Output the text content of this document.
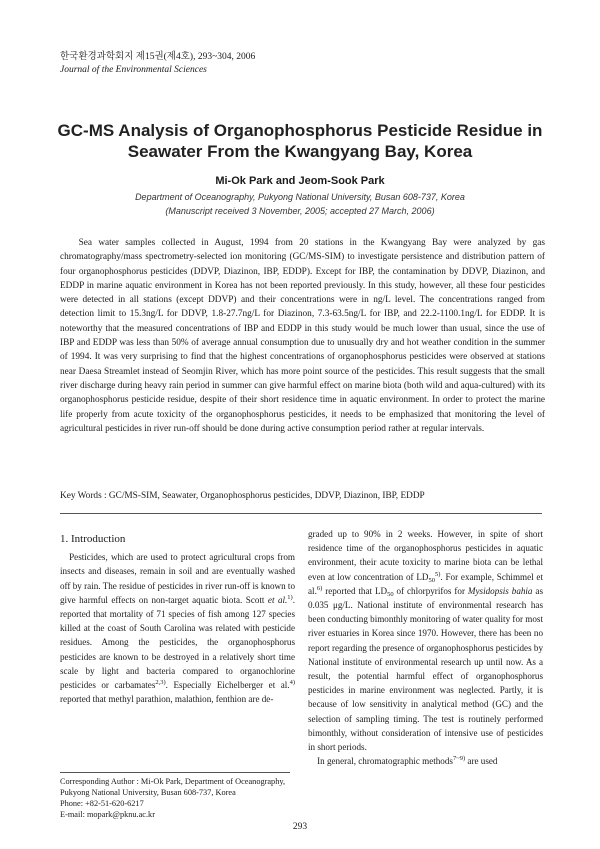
한국환경과학회지 제15권(제4호), 293~304, 2006
Journal of the Environmental Sciences
GC-MS Analysis of Organophosphorus Pesticide Residue in Seawater From the Kwangyang Bay, Korea
Mi-Ok Park and Jeom-Sook Park
Department of Oceanography, Pukyong National University, Busan 608-737, Korea
(Manuscript received 3 November, 2005; accepted 27 March, 2006)

Sea water samples collected in August, 1994 from 20 stations in the Kwangyang Bay were analyzed by gas chromatography/mass spectrometry-selected ion monitoring (GC/MS-SIM) to investigate persistence and distribution pattern of four organophosphorus pesticides (DDVP, Diazinon, IBP, EDDP). Except for IBP, the contamination by DDVP, Diazinon, and EDDP in marine aquatic environment in Korea has not been reported previously. In this study, however, all these four pesticides were detected in all stations (except DDVP) and their concentrations were in ng/L level. The concentrations ranged from detection limit to 15.3ng/L for DDVP, 1.8-27.7ng/L for Diazinon, 7.3-63.5ng/L for IBP, and 22.2-1100.1ng/L for EDDP. It is noteworthy that the measured concentrations of IBP and EDDP in this study would be much lower than usual, since the use of IBP and EDDP was less than 50% of average annual consumption due to unusually dry and hot weather condition in the summer of 1994. It was very surprising to find that the highest concentrations of organophosphorus pesticides were observed at stations near Daesa Streamlet instead of Seomjin River, which has more point source of the pesticides. This result suggests that the small river discharge during heavy rain period in summer can give harmful effect on marine biota (both wild and aqua-cultured) with its organophosphorus pesticide residue, despite of their short residence time in aquatic environment. In order to protect the marine life properly from acute toxicity of the organophosphorus pesticides, it needs to be emphasized that monitoring the level of agricultural pesticides in river run-off should be done during active consumption period rather at regular intervals.

Key Words : GC/MS-SIM, Seawater, Organophosphorus pesticides, DDVP, Diazinon, IBP, EDDP
1. Introduction

Pesticides, which are used to protect agricultural crops from insects and diseases, remain in soil and are eventually washed off by rain. The residue of pesticides in river run-off is known to give harmful effects on non-target aquatic biota. Scott et al.$^{1)}$. reported that mortality of 71 species of fish among 127 species killed at the coast of South Carolina was related with pesticide residues. Among the pesticides, the organophosphorus pesticides are known to be destroyed in a relatively short time scale by light and bacteria compared to organochlorine pesticides or carbamates$^{2,3)}$. Especially Eichelberger et al.$^{4)}$ reported that methyl parathion, malathion, fenthion are de-

graded up to 90% in 2 weeks. However, in spite of short residence time of the organophosphorus pesticides in aquatic environment, their acute toxicity to marine biota can be lethal even at low concentration of $LD_{50}^{5)}$. For example, Schimmel et al.$^{6)}$ reported that $LD_{50}$ of chlorpyrifos for Mysidopsis bahia as 0.035 μg/L. National institute of environmental research has been conducting bimonthly monitoring of water quality for most river estuaries in Korea since 1970. However, there has been no report regarding the presence of organophosphorus pesticides by National institute of environmental research up until now. As a result, the potential harmful effect of organophosphorus pesticides in marine environment was neglected. Partly, it is because of low sensitivity in analytical method (GC) and the selection of sampling timing. The test is routinely performed bimonthly, without consideration of intensive use of pesticides in short periods.

In general, chromatographic methods$^{7\sim 9)}$ are used

Corresponding Author : Mi-Ok Park, Department of Oceanography, Pukyong National University, Busan 608-737, Korea
Phone: +82-51-620-6217
E-mail: mopark@pknu.ac.kr
293
